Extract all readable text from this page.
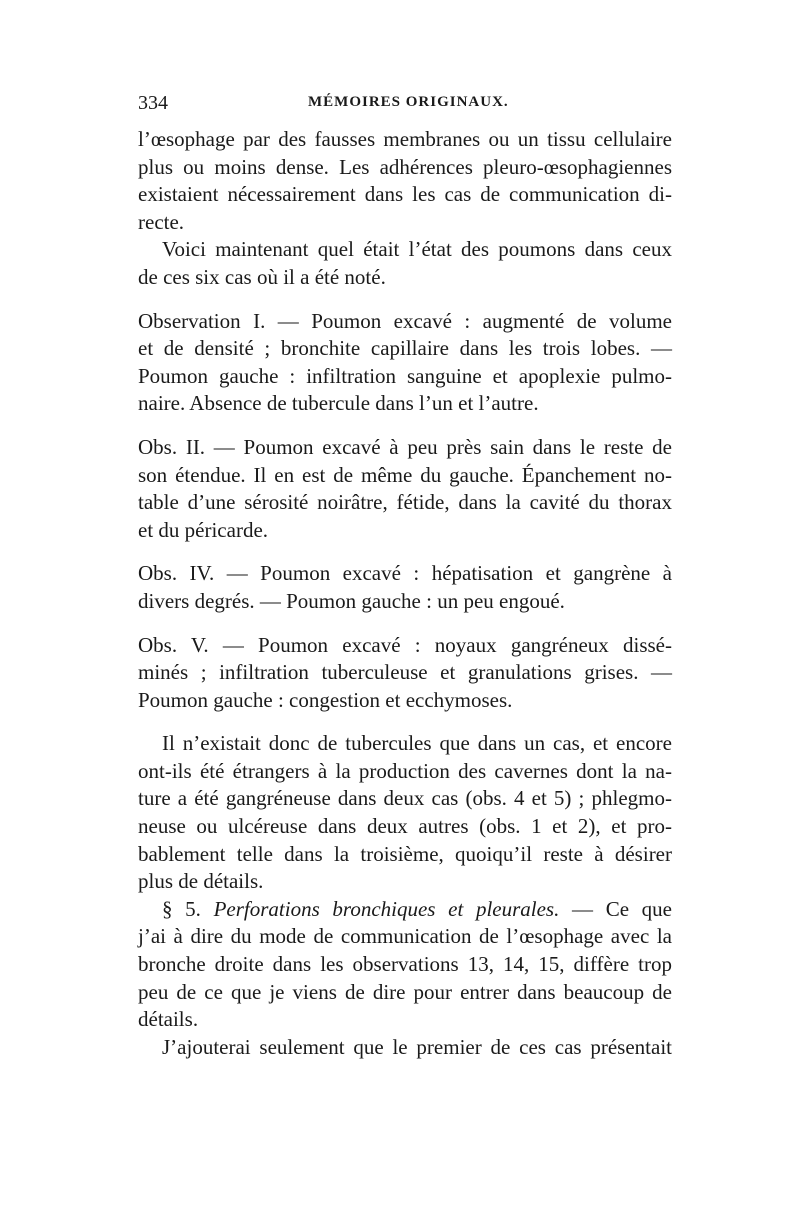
334	MÉMOIRES ORIGINAUX.
l’œsophage par des fausses membranes ou un tissu cellulaire
plus ou moins dense. Les adhérences pleuro-œsophagiennes
existaient nécessairement dans les cas de communication di-
recte.
Voici maintenant quel était l’état des poumons dans ceux
de ces six cas où il a été noté.
Observation I. — Poumon excavé : augmenté de volume
et de densité ; bronchite capillaire dans les trois lobes. —
Poumon gauche : infiltration sanguine et apoplexie pulmo-
naire. Absence de tubercule dans l’un et l’autre.
Obs. II. — Poumon excavé à peu près sain dans le reste de
son étendue. Il en est de même du gauche. Épanchement no-
table d’une sérosité noirâtre, fétide, dans la cavité du thorax
et du péricarde.
Obs. IV. — Poumon excavé : hépatisation et gangrène à
divers degrés. — Poumon gauche : un peu engoué.
Obs. V. — Poumon excavé : noyaux gangréneux dissé-
minés ; infiltration tuberculeuse et granulations grises. —
Poumon gauche : congestion et ecchymoses.
Il n’existait donc de tubercules que dans un cas, et encore
ont-ils été étrangers à la production des cavernes dont la na-
ture a été gangréneuse dans deux cas (obs. 4 et 5) ; phlegmo-
neuse ou ulcéreuse dans deux autres (obs. 1 et 2), et pro-
bablement telle dans la troisième, quoiqu’il reste à désirer
plus de détails.
§ 5. Perforations bronchiques et pleurales. — Ce que
j’ai à dire du mode de communication de l’œsophage avec la
bronche droite dans les observations 13, 14, 15, diffère trop
peu de ce que je viens de dire pour entrer dans beaucoup de
détails.
J’ajouterai seulement que le premier de ces cas présentait
